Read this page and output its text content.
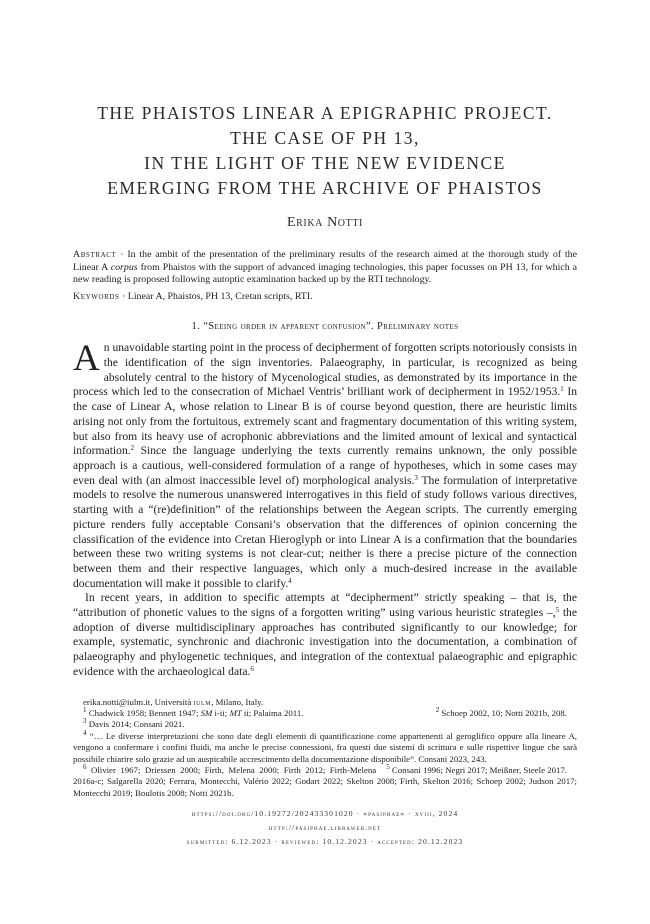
THE PHAISTOS LINEAR A EPIGRAPHIC PROJECT.
THE CASE OF PH 13,
IN THE LIGHT OF THE NEW EVIDENCE
EMERGING FROM THE ARCHIVE OF PHAISTOS
Erika Notti
Abstract · In the ambit of the presentation of the preliminary results of the research aimed at the thorough study of the Linear A corpus from Phaistos with the support of advanced imaging technologies, this paper focusses on PH 13, for which a new reading is proposed following autoptic examination backed up by the RTI technology.
Keywords · Linear A, Phaistos, PH 13, Cretan scripts, RTI.
1. “Seeing order in apparent confusion”. Preliminary notes

An unavoidable starting point in the process of decipherment of forgotten scripts notoriously consists in the identification of the sign inventories. Palaeography, in particular, is recognized as being absolutely central to the history of Mycenological studies, as demonstrated by its importance in the process which led to the consecration of Michael Ventris’ brilliant work of decipherment in 1952/1953.$^1$ In the case of Linear A, whose relation to Linear B is of course beyond question, there are heuristic limits arising not only from the fortuitous, extremely scant and fragmentary documentation of this writing system, but also from its heavy use of acrophonic abbreviations and the limited amount of lexical and syntactical information.$^2$ Since the language underlying the texts currently remains unknown, the only possible approach is a cautious, well-considered formulation of a range of hypotheses, which in some cases may even deal with (an almost inaccessible level of) morphological analysis.$^3$ The formulation of interpretative models to resolve the numerous unanswered interrogatives in this field of study follows various directives, starting with a “(re)definition” of the relationships between the Aegean scripts. The currently emerging picture renders fully acceptable Consani’s observation that the differences of opinion concerning the classification of the evidence into Cretan Hieroglyph or into Linear A is a confirmation that the boundaries between these two writing systems is not clear-cut; neither is there a precise picture of the connection between them and their respective languages, which only a much-desired increase in the available documentation will make it possible to clarify.$^4$

In recent years, in addition to specific attempts at “decipherment” strictly speaking – that is, the “attribution of phonetic values to the signs of a forgotten writing” using various heuristic strategies –,$^5$ the adoption of diverse multidisciplinary approaches has contributed significantly to our knowledge; for example, systematic, synchronic and diachronic investigation into the documentation, a combination of palaeography and phylogenetic techniques, and integration of the contextual palaeographic and epigraphic evidence with the archaeological data.$^6$

erika.notti@iulm.it, Università iulm, Milano, Italy.
$^1$ Chadwick 1958; Bennett 1947; SM i-ii; MT ii; Palaima 2011.	$^2$ Schoep 2002, 10; Notti 2021b, 208.
$^3$ Davis 2014; Consani 2021.
$^4$ “… Le diverse interpretazioni che sono date degli elementi di quantificazione come appartenenti al geroglifico oppure alla lineare A, vengono a confermare i confini fluidi, ma anche le precise connessioni, fra questi due sistemi di scrittura e sulle rispettive lingue che sarà possibile chiarire solo grazie ad un auspicabile accrescimento della documentazione disponibile”. Consani 2023, 243.
$^5$ Consani 1996; Negri 2017; Meißner, Steele 2017.
$^6$ Olivier 1967; Driessen 2000; Firth, Melena 2000; Firth 2012; Firth-Melena 2016a-c; Salgarella 2020; Ferrara, Montecchi, Valério 2022; Godart 2022; Skelton 2008; Firth, Skelton 2016; Schoep 2002; Judson 2017; Montecchi 2019; Boulotis 2008; Notti 2021b.
https://doi.org/10.19272/202433301020 · «pasiphae» · xviii, 2024
http://pasiphae.libraweb.net
submitted: 6.12.2023 · reviewed: 10.12.2023 · accepted: 20.12.2023
